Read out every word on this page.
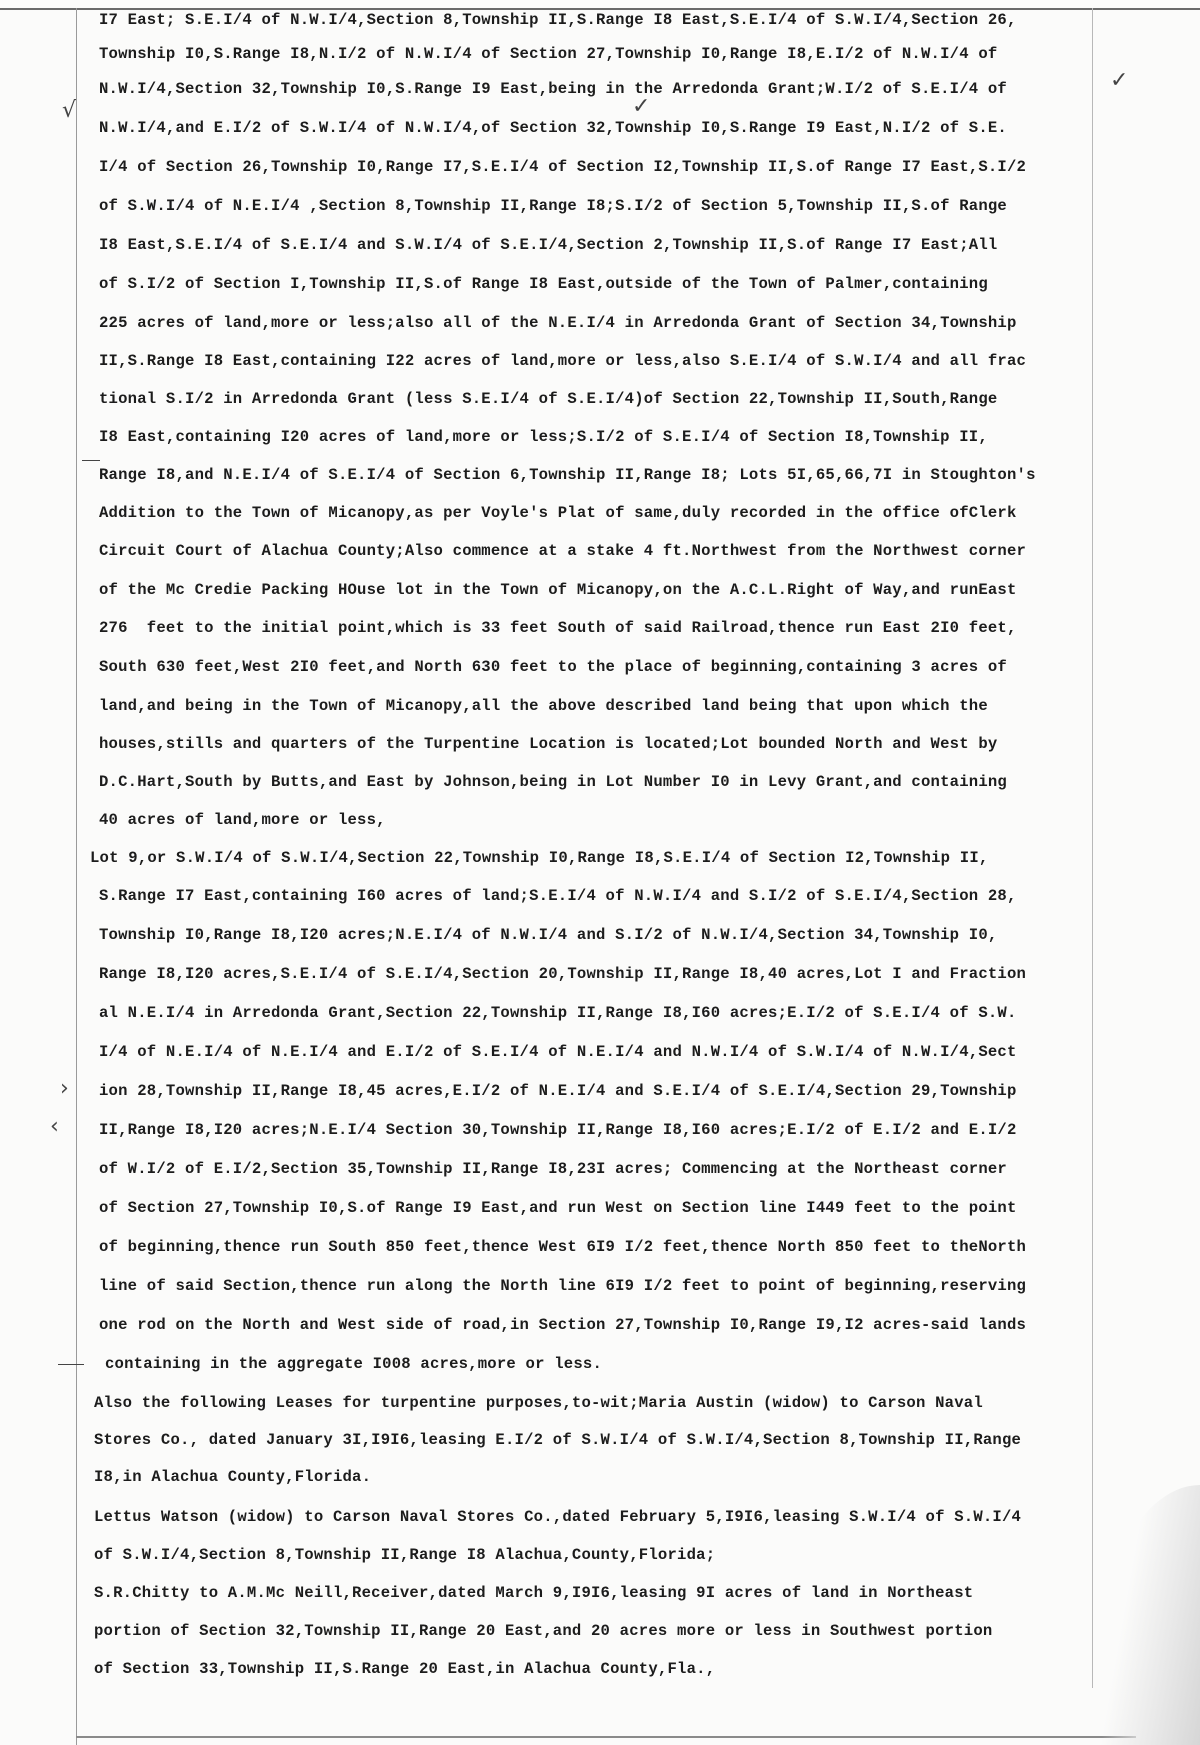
I7 East; S.E.I/4 of N.W.I/4,Section 8,Township II,S.Range I8 East,S.E.I/4 of S.W.I/4,Section 26,
Township I0,S.Range I8,N.I/2 of N.W.I/4 of Section 27,Township I0,Range I8,E.I/2 of N.W.I/4 of
N.W.I/4,Section 32,Township I0,S.Range I9 East,being in the Arredonda Grant;W.I/2 of S.E.I/4 of
N.W.I/4,and E.I/2 of S.W.I/4 of N.W.I/4,of Section 32,Township I0,S.Range I9 East,N.I/2 of S.E.
I/4 of Section 26,Township I0,Range I7,S.E.I/4 of Section I2,Township II,S.of Range I7 East,S.I/2
of S.W.I/4 of N.E.I/4 ,Section 8,Township II,Range I8;S.I/2 of Section 5,Township II,S.of Range
I8 East,S.E.I/4 of S.E.I/4 and S.W.I/4 of S.E.I/4,Section 2,Township II,S.of Range I7 East;All
of S.I/2 of Section I,Township II,S.of Range I8 East,outside of the Town of Palmer,containing
225 acres of land,more or less;also all of the N.E.I/4 in Arredonda Grant of Section 34,Township
II,S.Range I8 East,containing I22 acres of land,more or less,also S.E.I/4 of S.W.I/4 and all frac
tional S.I/2 in Arredonda Grant (less S.E.I/4 of S.E.I/4)of Section 22,Township II,South,Range
I8 East,containing I20 acres of land,more or less;S.I/2 of S.E.I/4 of Section I8,Township II,
Range I8,and N.E.I/4 of S.E.I/4 of Section 6,Township II,Range I8; Lots 5I,65,66,7I in Stoughton's
Addition to the Town of Micanopy,as per Voyle's Plat of same,duly recorded in the office ofClerk
Circuit Court of Alachua County;Also commence at a stake 4 ft.Northwest from the Northwest corner
of the Mc Credie Packing HOuse lot in the Town of Micanopy,on the A.C.L.Right of Way,and runEast
276  feet to the initial point,which is 33 feet South of said Railroad,thence run East 2I0 feet,
South 630 feet,West 2I0 feet,and North 630 feet to the place of beginning,containing 3 acres of
land,and being in the Town of Micanopy,all the above described land being that upon which the
houses,stills and quarters of the Turpentine Location is located;Lot bounded North and West by
D.C.Hart,South by Butts,and East by Johnson,being in Lot Number I0 in Levy Grant,and containing
40 acres of land,more or less,
Lot 9,or S.W.I/4 of S.W.I/4,Section 22,Township I0,Range I8,S.E.I/4 of Section I2,Township II,
S.Range I7 East,containing I60 acres of land;S.E.I/4 of N.W.I/4 and S.I/2 of S.E.I/4,Section 28,
Township I0,Range I8,I20 acres;N.E.I/4 of N.W.I/4 and S.I/2 of N.W.I/4,Section 34,Township I0,
Range I8,I20 acres,S.E.I/4 of S.E.I/4,Section 20,Township II,Range I8,40 acres,Lot I and Fraction
al N.E.I/4 in Arredonda Grant,Section 22,Township II,Range I8,I60 acres;E.I/2 of S.E.I/4 of S.W.
I/4 of N.E.I/4 of N.E.I/4 and E.I/2 of S.E.I/4 of N.E.I/4 and N.W.I/4 of S.W.I/4 of N.W.I/4,Sect
ion 28,Township II,Range I8,45 acres,E.I/2 of N.E.I/4 and S.E.I/4 of S.E.I/4,Section 29,Township
II,Range I8,I20 acres;N.E.I/4 Section 30,Township II,Range I8,I60 acres;E.I/2 of E.I/2 and E.I/2
of W.I/2 of E.I/2,Section 35,Township II,Range I8,23I acres; Commencing at the Northeast corner
of Section 27,Township I0,S.of Range I9 East,and run West on Section line I449 feet to the point
of beginning,thence run South 850 feet,thence West 6I9 I/2 feet,thence North 850 feet to theNorth
line of said Section,thence run along the North line 6I9 I/2 feet to point of beginning,reserving
one rod on the North and West side of road,in Section 27,Township I0,Range I9,I2 acres-said lands
containing in the aggregate I008 acres,more or less.
Also the following Leases for turpentine purposes,to-wit;Maria Austin (widow) to Carson Naval
Stores Co., dated January 3I,I9I6,leasing E.I/2 of S.W.I/4 of S.W.I/4,Section 8,Township II,Range
I8,in Alachua County,Florida.
Lettus Watson (widow) to Carson Naval Stores Co.,dated February 5,I9I6,leasing S.W.I/4 of S.W.I/4
of S.W.I/4,Section 8,Township II,Range I8 Alachua,County,Florida;
S.R.Chitty to A.M.Mc Neill,Receiver,dated March 9,I9I6,leasing 9I acres of land in Northeast
portion of Section 32,Township II,Range 20 East,and 20 acres more or less in Southwest portion
of Section 33,Township II,S.Range 20 East,in Alachua County,Fla.,
✓
√	✓
›
‹
